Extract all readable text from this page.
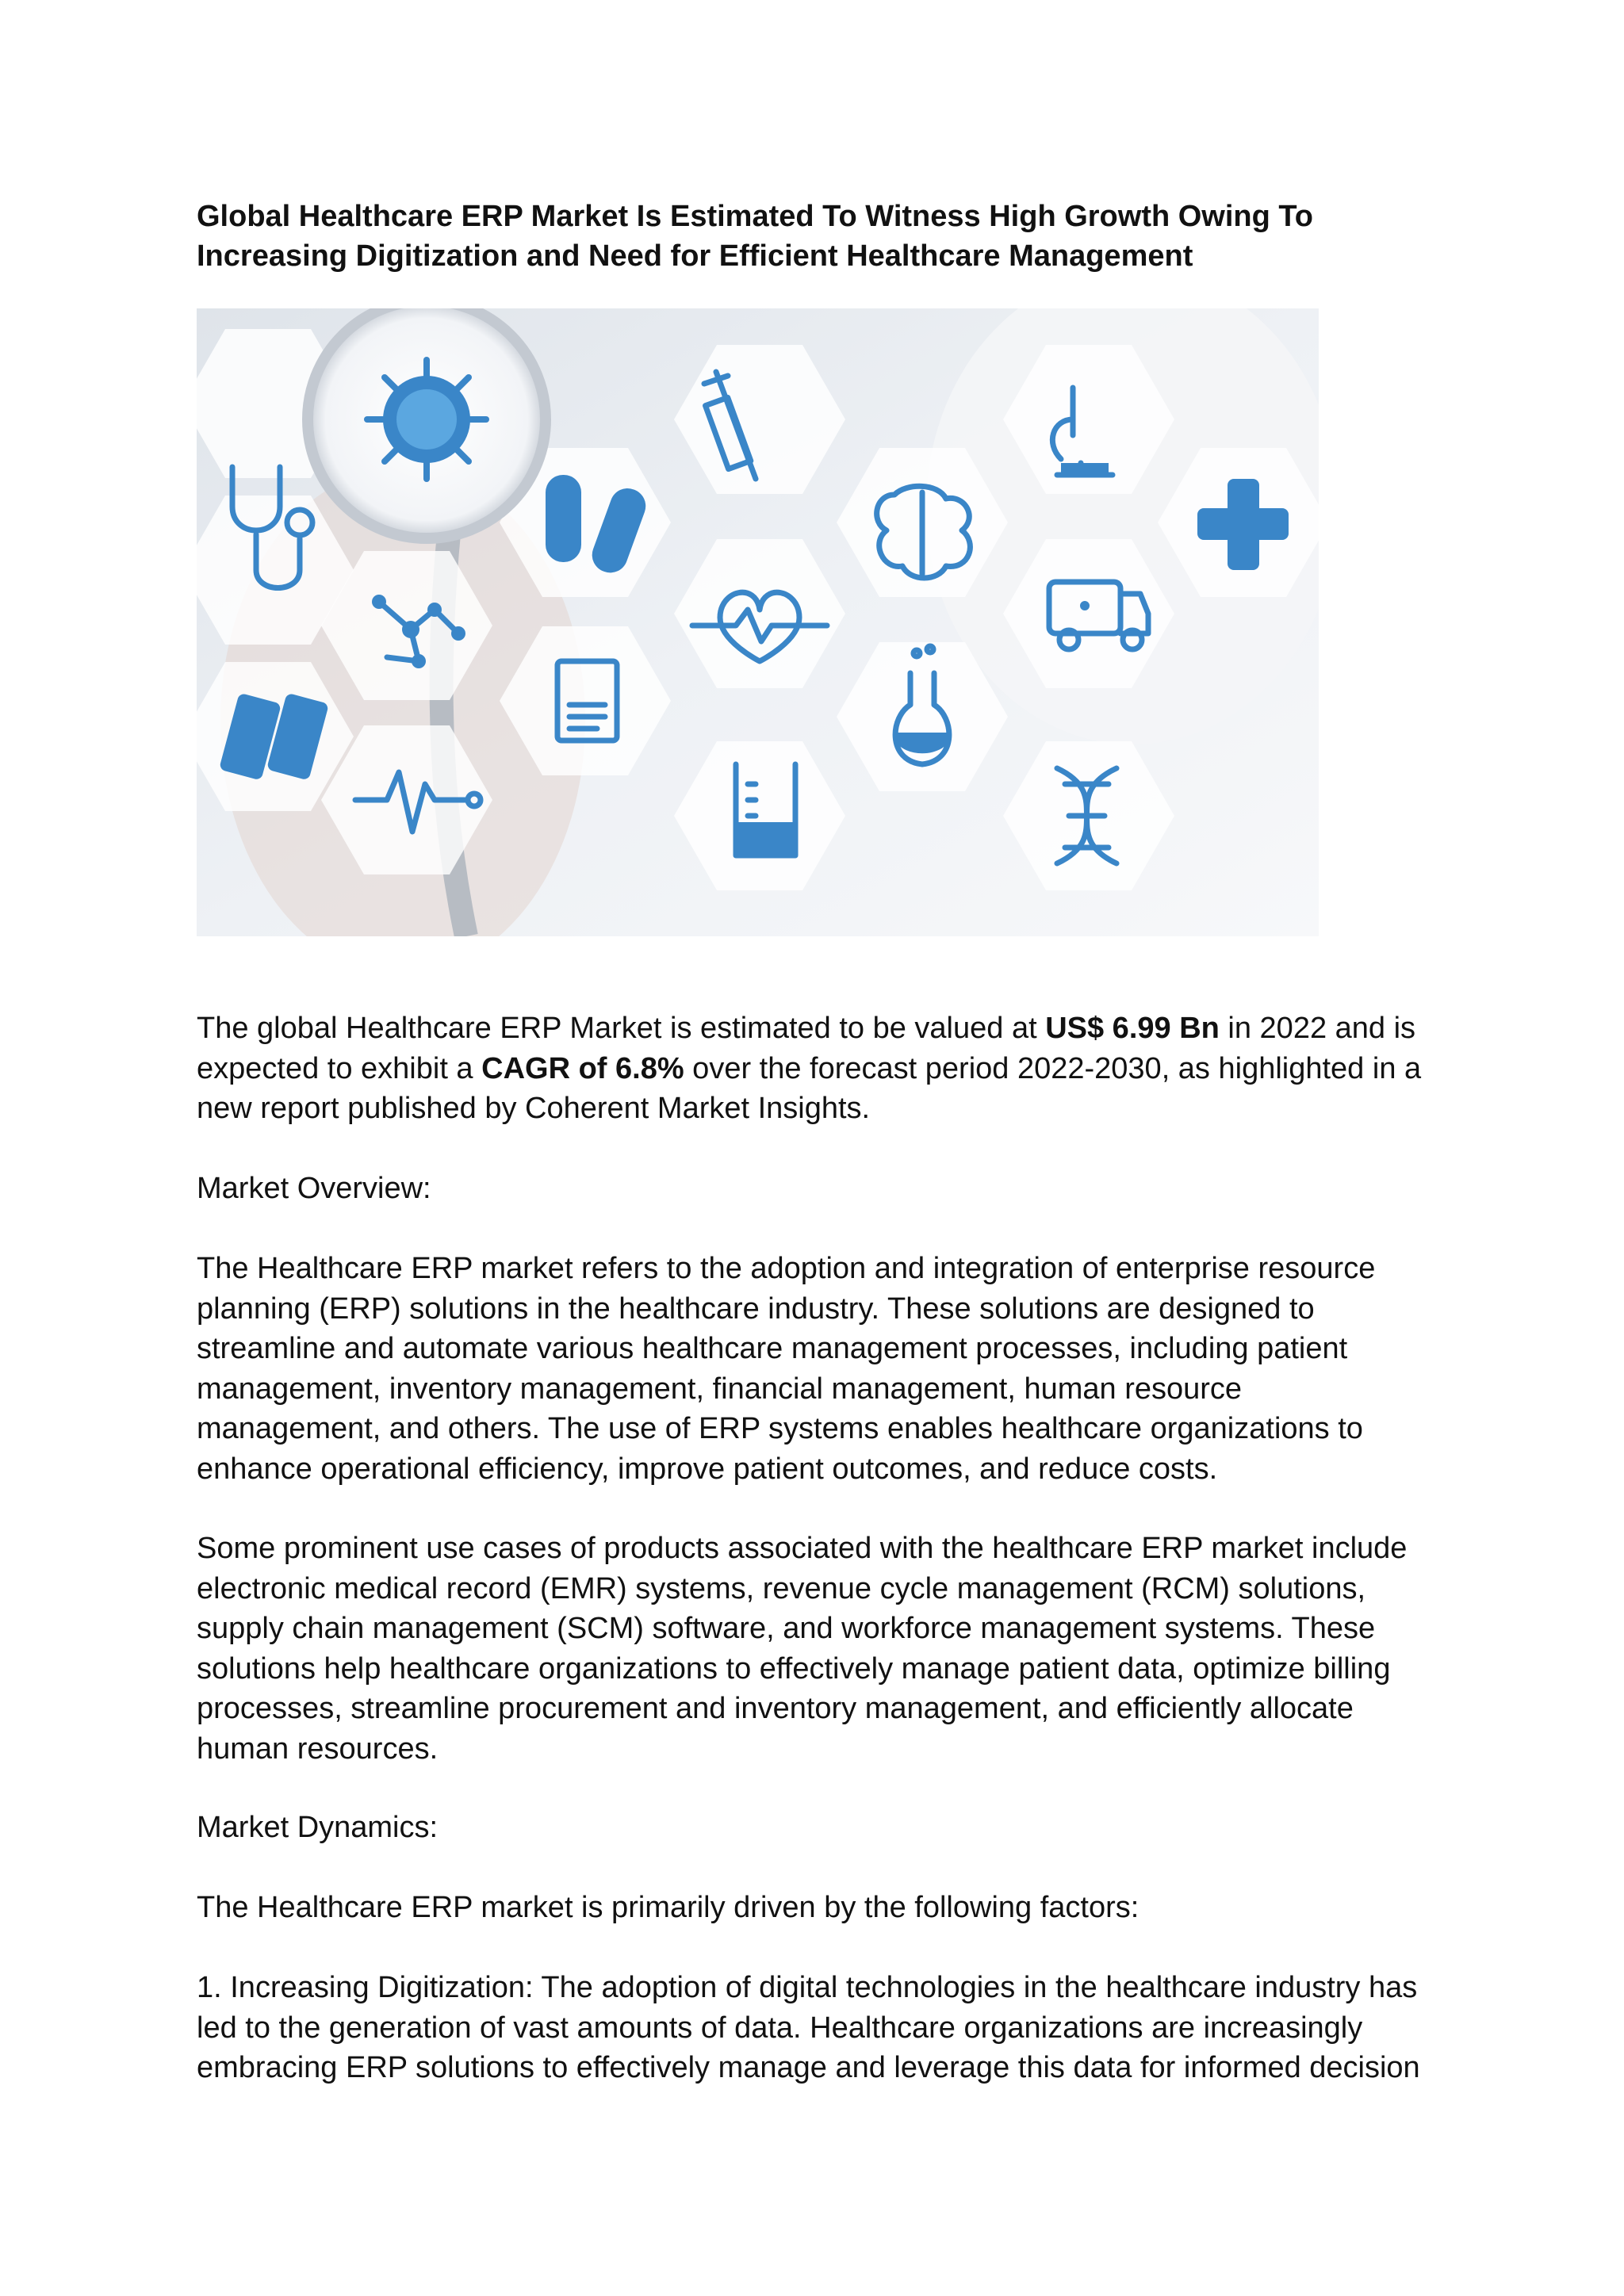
Global Healthcare ERP Market Is Estimated To Witness High Growth Owing To Increasing Digitization and Need for Efficient Healthcare Management

The global Healthcare ERP Market is estimated to be valued at US$ 6.99 Bn in 2022 and is expected to exhibit a CAGR of 6.8% over the forecast period 2022-2030, as highlighted in a new report published by Coherent Market Insights.

Market Overview:

The Healthcare ERP market refers to the adoption and integration of enterprise resource planning (ERP) solutions in the healthcare industry. These solutions are designed to streamline and automate various healthcare management processes, including patient management, inventory management, financial management, human resource management, and others. The use of ERP systems enables healthcare organizations to enhance operational efficiency, improve patient outcomes, and reduce costs.

Some prominent use cases of products associated with the healthcare ERP market include electronic medical record (EMR) systems, revenue cycle management (RCM) solutions, supply chain management (SCM) software, and workforce management systems. These solutions help healthcare organizations to effectively manage patient data, optimize billing processes, streamline procurement and inventory management, and efficiently allocate human resources.

Market Dynamics:

The Healthcare ERP market is primarily driven by the following factors:

1. Increasing Digitization: The adoption of digital technologies in the healthcare industry has led to the generation of vast amounts of data. Healthcare organizations are increasingly embracing ERP solutions to effectively manage and leverage this data for informed decision
